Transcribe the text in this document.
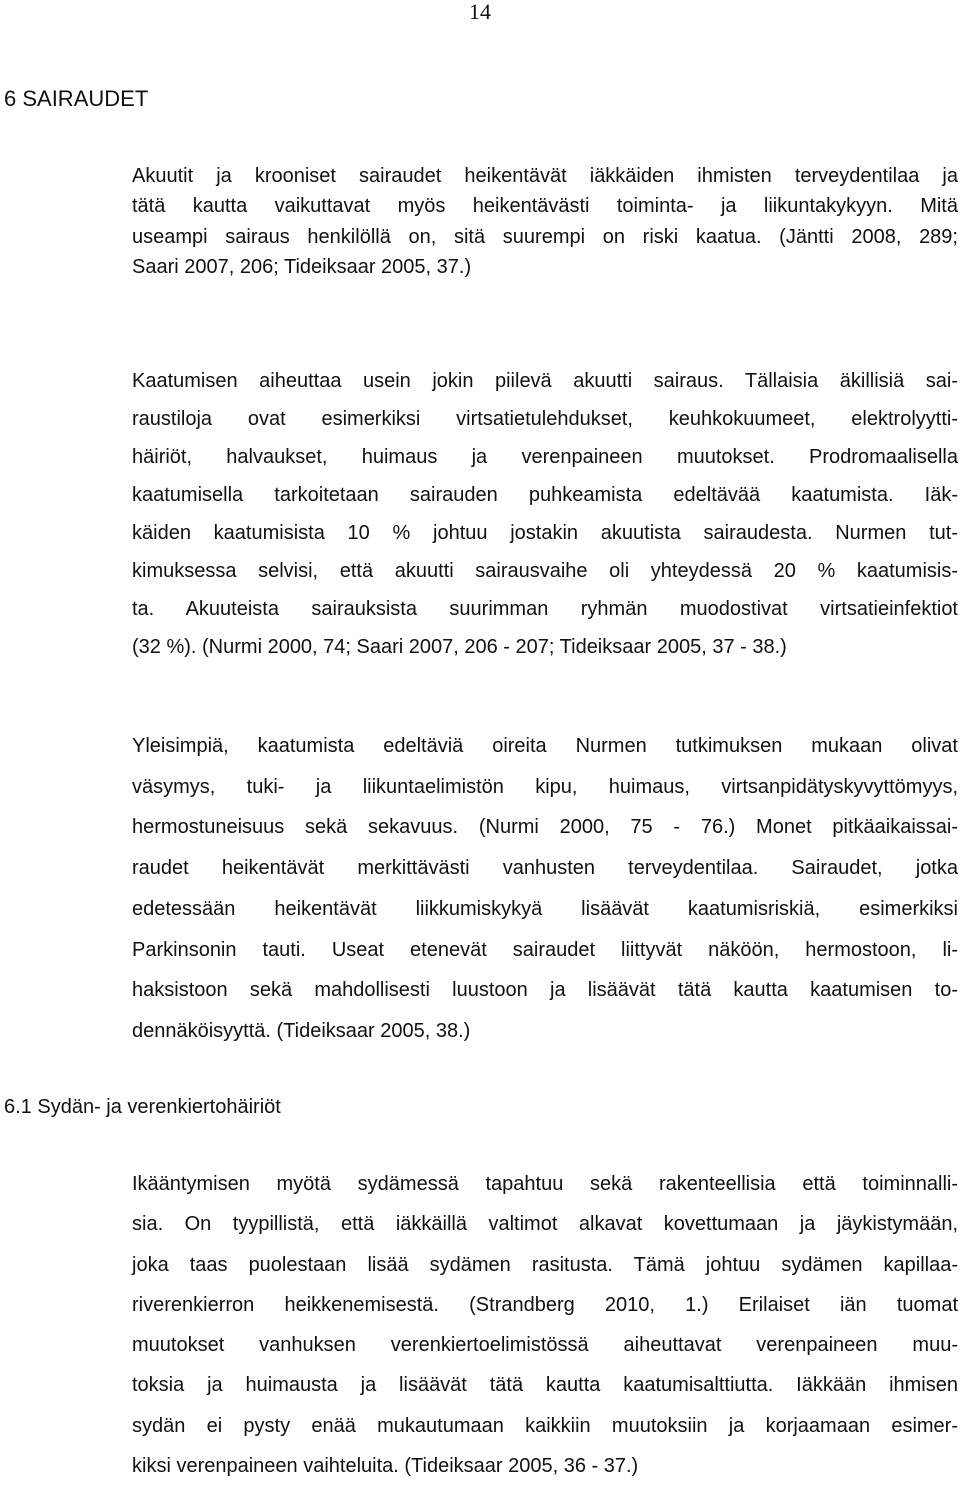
14
6 SAIRAUDET

Akuutit ja krooniset sairaudet heikentävät iäkkäiden ihmisten terveydentilaa ja
tätä kautta vaikuttavat myös heikentävästi toiminta- ja liikuntakykyyn. Mitä
useampi sairaus henkilöllä on, sitä suurempi on riski kaatua. (Jäntti 2008, 289;
Saari 2007, 206; Tideiksaar 2005, 37.)

Kaatumisen aiheuttaa usein jokin piilevä akuutti sairaus. Tällaisia äkillisiä sai-
raustiloja ovat esimerkiksi virtsatietulehdukset, keuhkokuumeet, elektrolyytti-
häiriöt, halvaukset, huimaus ja verenpaineen muutokset. Prodromaalisella
kaatumisella tarkoitetaan sairauden puhkeamista edeltävää kaatumista. Iäk-
käiden kaatumisista 10 % johtuu jostakin akuutista sairaudesta. Nurmen tut-
kimuksessa selvisi, että akuutti sairausvaihe oli yhteydessä 20 % kaatumisis-
ta. Akuuteista sairauksista suurimman ryhmän muodostivat virtsatieinfektiot
(32 %). (Nurmi 2000, 74; Saari 2007, 206 - 207; Tideiksaar 2005, 37 - 38.)

Yleisimpiä, kaatumista edeltäviä oireita Nurmen tutkimuksen mukaan olivat
väsymys, tuki- ja liikuntaelimistön kipu, huimaus, virtsanpidätyskyvyttömyys,
hermostuneisuus sekä sekavuus. (Nurmi 2000, 75 - 76.) Monet pitkäaikaissai-
raudet heikentävät merkittävästi vanhusten terveydentilaa. Sairaudet, jotka
edetessään heikentävät liikkumiskykyä lisäävät kaatumisriskiä, esimerkiksi
Parkinsonin tauti. Useat etenevät sairaudet liittyvät näköön, hermostoon, li-
haksistoon sekä mahdollisesti luustoon ja lisäävät tätä kautta kaatumisen to-
dennäköisyyttä. (Tideiksaar 2005, 38.)

6.1 Sydän- ja verenkiertohäiriöt

Ikääntymisen myötä sydämessä tapahtuu sekä rakenteellisia että toiminnalli-
sia. On tyypillistä, että iäkkäillä valtimot alkavat kovettumaan ja jäykistymään,
joka taas puolestaan lisää sydämen rasitusta. Tämä johtuu sydämen kapillaa-
riverenkierron heikkenemisestä. (Strandberg 2010, 1.) Erilaiset iän tuomat
muutokset vanhuksen verenkiertoelimistössä aiheuttavat verenpaineen muu-
toksia ja huimausta ja lisäävät tätä kautta kaatumisalttiutta. Iäkkään ihmisen
sydän ei pysty enää mukautumaan kaikkiin muutoksiin ja korjaamaan esimer-
kiksi verenpaineen vaihteluita. (Tideiksaar 2005, 36 - 37.)
